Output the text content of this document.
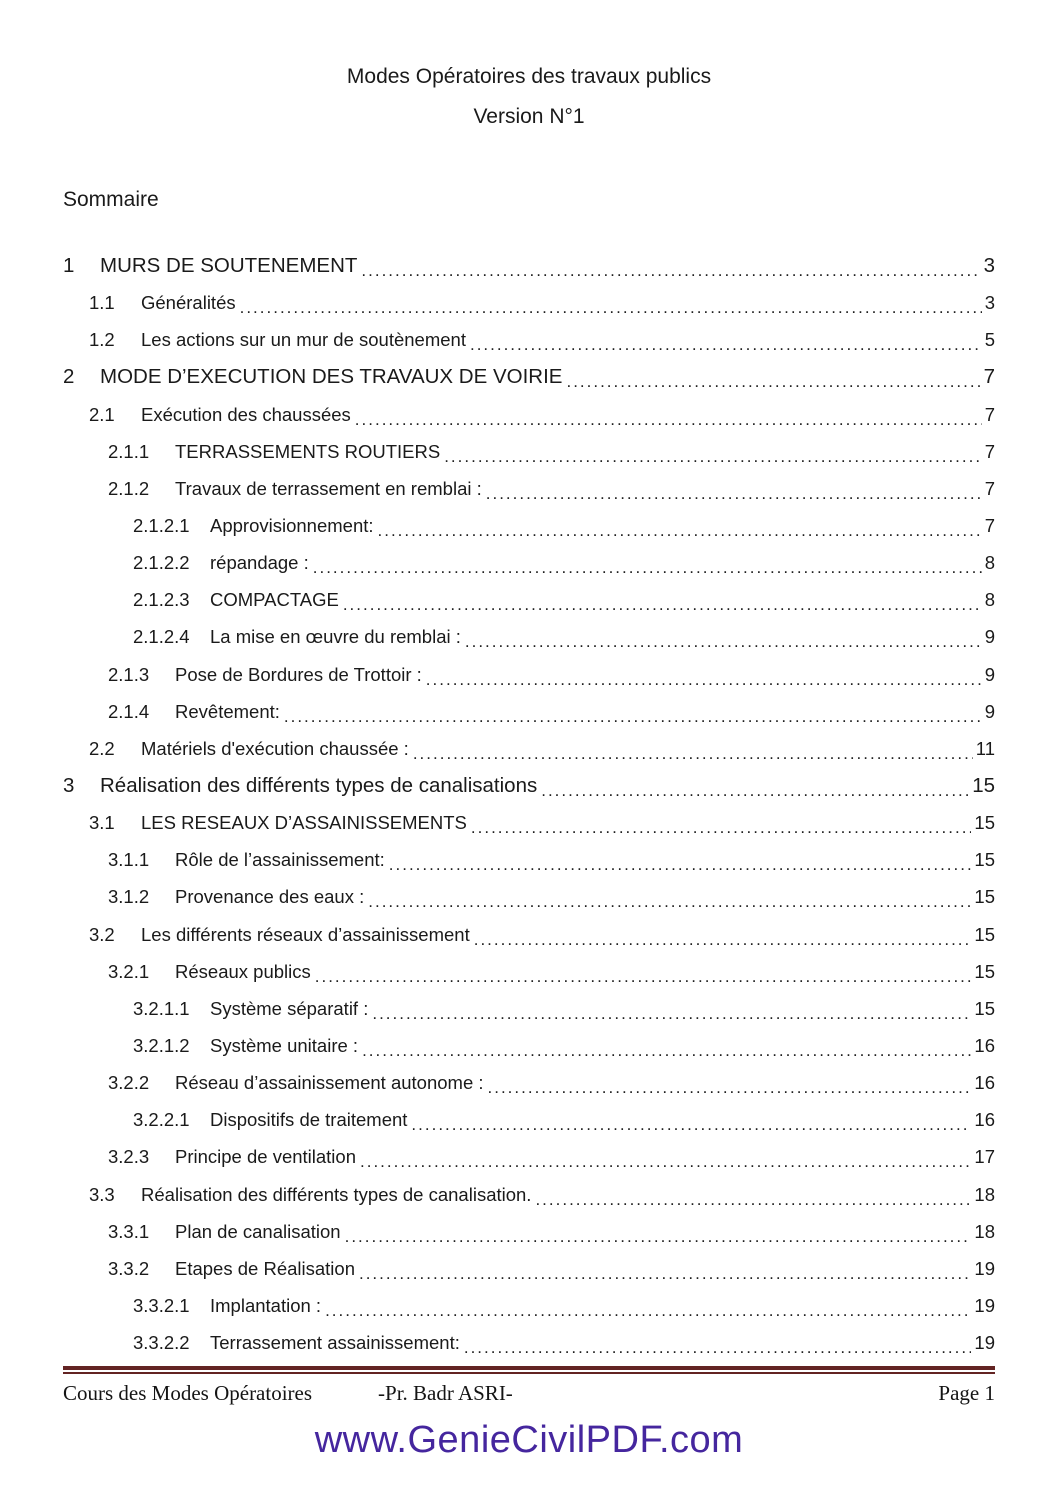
Modes Opératoires des travaux publics
Version N°1
Sommaire
1	MURS DE SOUTENEMENT .....	3
1.1	Généralités .....	3
1.2	Les actions sur un mur de soutènement .....	5
2	MODE D’EXECUTION DES TRAVAUX DE VOIRIE .....	7
2.1	Exécution des chaussées .....	7
2.1.1	TERRASSEMENTS ROUTIERS .....	7
2.1.2	Travaux de terrassement en remblai : .....	7
2.1.2.1	Approvisionnement: .....	7
2.1.2.2	répandage : .....	8
2.1.2.3	COMPACTAGE .....	8
2.1.2.4	La mise en œuvre du remblai : .....	9
2.1.3	Pose de Bordures de Trottoir : .....	9
2.1.4	Revêtement: .....	9
2.2	Matériels d'exécution chaussée : .....	11
3	Réalisation des différents types de canalisations .....	15
3.1	LES RESEAUX D’ASSAINISSEMENTS .....	15
3.1.1	Rôle de l’assainissement: .....	15
3.1.2	Provenance des eaux : .....	15
3.2	Les différents réseaux d’assainissement .....	15
3.2.1	Réseaux publics .....	15
3.2.1.1	Système séparatif : .....	15
3.2.1.2	Système unitaire : .....	16
3.2.2	Réseau d’assainissement autonome : .....	16
3.2.2.1	Dispositifs de traitement .....	16
3.2.3	Principe de ventilation .....	17
3.3	Réalisation des différents types de canalisation. .....	18
3.3.1	Plan de canalisation .....	18
3.3.2	Etapes de Réalisation .....	19
3.3.2.1	Implantation : .....	19
3.3.2.2	Terrassement assainissement: .....	19
Cours des Modes Opératoires	-Pr. Badr ASRI-	Page 1
www.GenieCivilPDF.com
